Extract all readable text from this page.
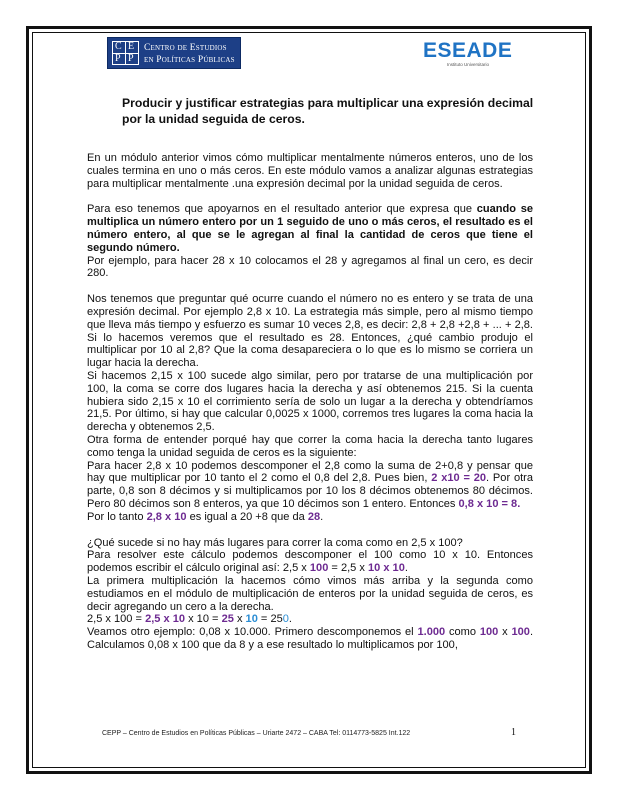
C E
P P
Centro de Estudios
en Políticas Públicas	ESEADE
Instituto Universitario
Producir y justificar estrategias para multiplicar una expresión decimal por la unidad seguida de ceros.

En un módulo anterior vimos cómo multiplicar mentalmente números enteros, uno de los cuales termina en uno o más ceros. En este módulo vamos a analizar algunas estrategias para multiplicar mentalmente .una expresión decimal por la unidad seguida de ceros.

Para eso tenemos que apoyarnos en el resultado anterior que expresa que cuando se multiplica un número entero por un 1 seguido de uno o más ceros, el resultado es el número entero, al que se le agregan al final la cantidad de ceros que tiene el segundo número.

Por ejemplo, para hacer 28 x 10 colocamos el 28 y agregamos al final un cero, es decir 280.

Nos tenemos que preguntar qué ocurre cuando el número no es entero y se trata de una expresión decimal. Por ejemplo 2,8 x 10. La estrategia más simple, pero al mismo tiempo que lleva más tiempo y esfuerzo es sumar 10 veces 2,8, es decir: 2,8 + 2,8 +2,8 + ... + 2,8. Si lo hacemos veremos que el resultado es 28. Entonces, ¿qué cambio produjo el multiplicar por 10 al 2,8? Que la coma desapareciera o lo que es lo mismo se corriera un lugar hacia la derecha.

Si hacemos 2,15 x 100 sucede algo similar, pero por tratarse de una multiplicación por 100, la coma se corre dos lugares hacia la derecha y así obtenemos 215. Si la cuenta hubiera sido 2,15 x 10 el corrimiento sería de solo un lugar a la derecha y obtendríamos 21,5. Por último, si hay que calcular 0,0025 x 1000, corremos tres lugares la coma hacia la derecha y obtenemos 2,5.

Otra forma de entender porqué hay que correr la coma hacia la derecha tanto lugares como tenga la unidad seguida de ceros es la siguiente:

Para hacer 2,8 x 10 podemos descomponer el 2,8 como la suma de 2+0,8 y pensar que hay que multiplicar por 10 tanto el 2 como el 0,8 del 2,8. Pues bien, 2 x10 = 20. Por otra parte, 0,8 son 8 décimos y si multiplicamos por 10 los 8 décimos obtenemos 80 décimos. Pero 80 décimos son 8 enteros, ya que 10 décimos son 1 entero. Entonces 0,8 x 10 = 8.

Por lo tanto 2,8 x 10 es igual a 20 +8 que da 28.

¿Qué sucede si no hay más lugares para correr la coma como en 2,5 x 100?

Para resolver este cálculo podemos descomponer el 100 como 10 x 10. Entonces podemos escribir el cálculo original así: 2,5 x 100 = 2,5 x 10 x 10.

La primera multiplicación la hacemos cómo vimos más arriba y la segunda como estudiamos en el módulo de multiplicación de enteros por la unidad seguida de ceros, es decir agregando un cero a la derecha.

2,5 x 100 = 2,5 x 10 x 10 = 25 x 10 = 250.

Veamos otro ejemplo: 0,08 x 10.000. Primero descomponemos el 1.000 como 100 x 100. Calculamos 0,08 x 100 que da 8 y a ese resultado lo multiplicamos por 100,

CEPP – Centro de Estudios en Políticas Públicas – Uriarte 2472 – CABA Tel: 0114773-5825 Int.122	1
